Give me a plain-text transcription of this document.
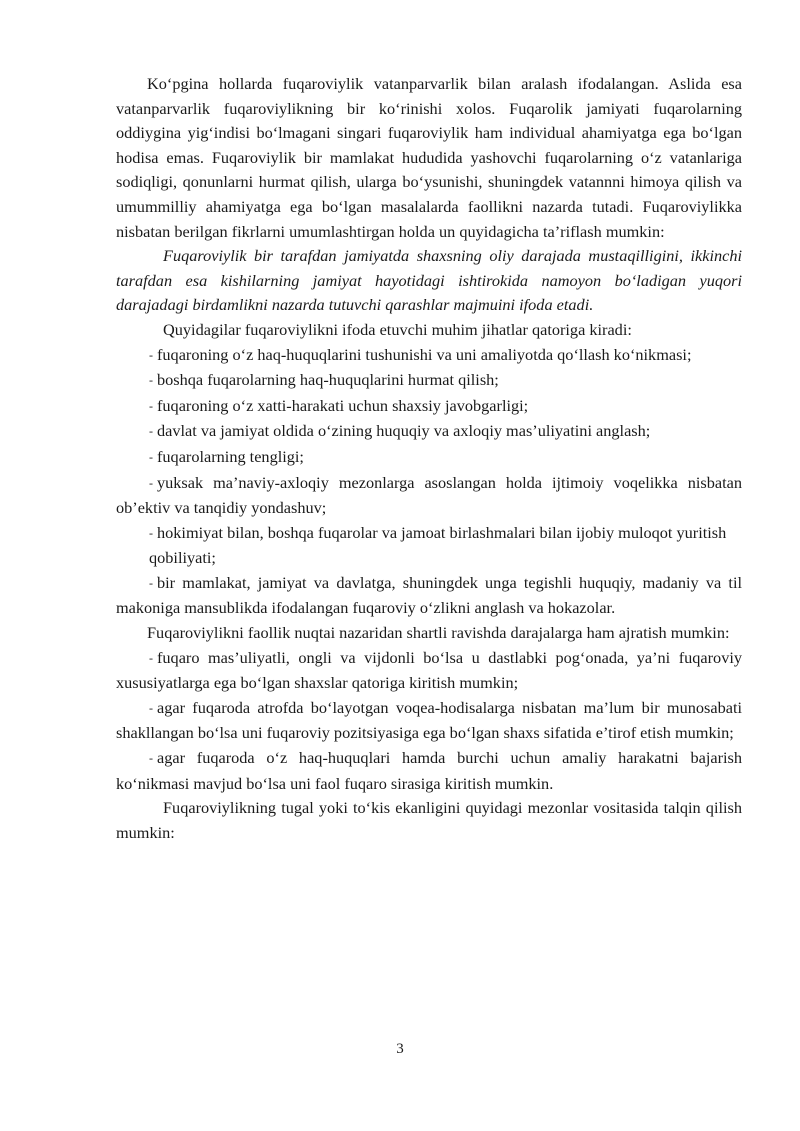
Ko‘pgina hollarda fuqaroviylik vatanparvarlik bilan aralash ifodalangan. Aslida esa vatanparvarlik fuqaroviylikning bir ko‘rinishi xolos. Fuqarolik jamiyati fuqarolarning oddiygina yig‘indisi bo‘lmagani singari fuqaroviylik ham individual ahamiyatga ega bo‘lgan hodisa emas. Fuqaroviylik bir mamlakat hududida yashovchi fuqarolarning o‘z vatanlariga sodiqligi, qonunlarni hurmat qilish, ularga bo‘ysunishi, shuningdek vatannni himoya qilish va umummilliy ahamiyatga ega bo‘lgan masalalarda faollikni nazarda tutadi. Fuqaroviylikka nisbatan berilgan fikrlarni umumlashtirgan holda un quyidagicha ta’riflash mumkin:

Fuqaroviylik bir tarafdan jamiyatda shaxsning oliy darajada mustaqilligini, ikkinchi tarafdan esa kishilarning jamiyat hayotidagi ishtirokida namoyon bo‘ladigan yuqori darajadagi birdamlikni nazarda tutuvchi qarashlar majmuini ifoda etadi.

Quyidagilar fuqaroviylikni ifoda etuvchi muhim jihatlar qatoriga kiradi:

- fuqaroning o‘z haq-huquqlarini tushunishi va uni amaliyotda qo‘llash ko‘nikmasi;

- boshqa fuqarolarning haq-huquqlarini hurmat qilish;

- fuqaroning o‘z xatti-harakati uchun shaxsiy javobgarligi;

- davlat va jamiyat oldida o‘zining huquqiy va axloqiy mas’uliyatini anglash;

- fuqarolarning tengligi;

- yuksak ma’naviy-axloqiy mezonlarga asoslangan holda ijtimoiy voqelikka nisbatan ob’ektiv va tanqidiy yondashuv;

- hokimiyat bilan, boshqa fuqarolar va jamoat birlashmalari bilan ijobiy muloqot yuritish

qobiliyati;

- bir mamlakat, jamiyat va davlatga, shuningdek unga tegishli huquqiy, madaniy va til makoniga mansublikda ifodalangan fuqaroviy o‘zlikni anglash va hokazolar.

Fuqaroviylikni faollik nuqtai nazaridan shartli ravishda darajalarga ham ajratish mumkin:

- fuqaro mas’uliyatli, ongli va vijdonli bo‘lsa u dastlabki pog‘onada, ya’ni fuqaroviy xususiyatlarga ega bo‘lgan shaxslar qatoriga kiritish mumkin;

- agar fuqaroda atrofda bo‘layotgan voqea-hodisalarga nisbatan ma’lum bir munosabati shakllangan bo‘lsa uni fuqaroviy pozitsiyasiga ega bo‘lgan shaxs sifatida e’tirof etish mumkin;

- agar fuqaroda o‘z haq-huquqlari hamda burchi uchun amaliy harakatni bajarish ko‘nikmasi mavjud bo‘lsa uni faol fuqaro sirasiga kiritish mumkin.

Fuqaroviylikning tugal yoki to‘kis ekanligini quyidagi mezonlar vositasida talqin qilish mumkin:

3
